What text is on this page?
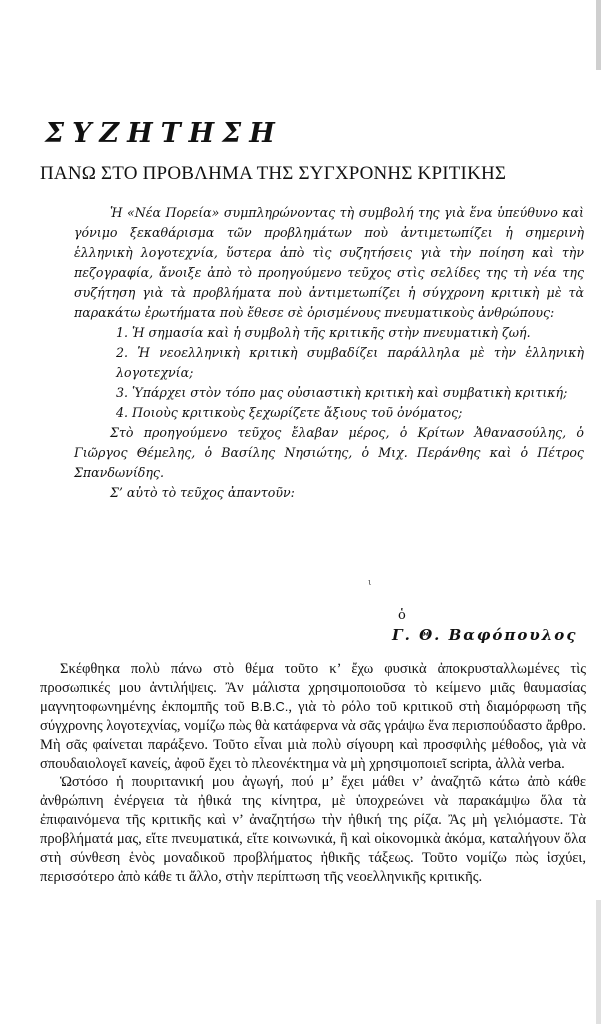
ΣΥΖΗΤΗΣΗ
ΠΑΝΩ ΣΤΟ ΠΡΟΒΛΗΜΑ ΤΗΣ ΣΥΓΧΡΟΝΗΣ ΚΡΙΤΙΚΗΣ

Ἡ «Νέα Πορεία» συμπληρώνοντας τὴ συμβολή της γιὰ ἕνα ὑπεύθυνο καὶ γόνιμο ξεκαθάρισμα τῶν προβλημάτων ποὺ ἀντιμετωπίζει ἡ σημερινὴ ἑλληνικὴ λογοτεχνία, ὕστερα ἀπὸ τὶς συζητήσεις γιὰ τὴν ποίηση καὶ τὴν πεζογραφία, ἄνοιξε ἀπὸ τὸ προηγούμενο τεῦχος στὶς σελίδες της τὴ νέα της συζήτηση γιὰ τὰ προβλήματα ποὺ ἀντιμετωπίζει ἡ σύγχρονη κριτικὴ μὲ τὰ παρακάτω ἐρωτήματα ποὺ ἔθεσε σὲ ὁρισμένους πνευματικοὺς ἀνθρώπους:

1. Ἡ σημασία καὶ ἡ συμβολὴ τῆς κριτικῆς στὴν πνευματικὴ ζωή.

2. Ἡ νεοελληνικὴ κριτικὴ συμβαδίζει παράλληλα μὲ τὴν ἑλληνικὴ λογοτεχνία;

3. Ὑπάρχει στὸν τόπο μας οὐσιαστικὴ κριτικὴ καὶ συμβατικὴ κριτική;

4. Ποιοὺς κριτικοὺς ξεχωρίζετε ἄξιους τοῦ ὀνόματος;

Στὸ προηγούμενο τεῦχος ἔλαβαν μέρος, ὁ Κρίτων Ἀθανασούλης, ὁ Γιῶργος Θέμελης, ὁ Βασίλης Νησιώτης, ὁ Μιχ. Περάνθης καὶ ὁ Πέτρος Σπανδωνίδης.

Σ’ αὐτὸ τὸ τεῦχος ἀπαντοῦν:

ι
ὁ
Γ. Θ. Βαφόπουλος

Σκέφθηκα πολὺ πάνω στὸ θέμα τοῦτο κ’ ἔχω φυσικὰ ἀποκρυσταλλωμένες τὶς προσωπικές μου ἀντιλήψεις. Ἂν μάλιστα χρησιμοποιοῦσα τὸ κείμενο μιᾶς θαυμασίας μαγνητοφωνημένης ἐκπομπῆς τοῦ B.B.C., γιὰ τὸ ρόλο τοῦ κριτικοῦ στὴ διαμόρφωση τῆς σύγχρονης λογοτεχνίας, νομίζω πὼς θὰ κατάφερνα νὰ σᾶς γράψω ἕνα περισπούδαστο ἄρθρο. Μὴ σᾶς φαίνεται παράξενο. Τοῦτο εἶναι μιὰ πολὺ σίγουρη καὶ προσφιλὴς μέθοδος, γιὰ νὰ σπουδαιολογεῖ κανείς, ἀφοῦ ἔχει τὸ πλεονέκτημα νὰ μὴ χρησιμοποιεῖ scripta, ἀλλὰ verba.

Ὡστόσο ἡ πουριτανική μου ἀγωγή, πού μ’ ἔχει μάθει ν’ ἀναζητῶ κάτω ἀπὸ κάθε ἀνθρώπινη ἐνέργεια τὰ ἠθικά της κίνητρα, μὲ ὑποχρεώνει νὰ παρακάμψω ὅλα τὰ ἐπιφαινόμενα τῆς κριτικῆς καὶ ν’ ἀναζητήσω τὴν ἠθική της ρίζα. Ἂς μὴ γελιόμαστε. Τὰ προβλήματά μας, εἴτε πνευματικά, εἴτε κοινωνικά, ἢ καὶ οἰκονομικὰ ἀκόμα, καταλήγουν ὅλα στὴ σύνθεση ἑνὸς μοναδικοῦ προβλήματος ἠθικῆς τάξεως. Τοῦτο νομίζω πὼς ἰσχύει, περισσότερο ἀπὸ κάθε τι ἄλλο, στὴν περίπτωση τῆς νεοελληνικῆς κριτικῆς.
